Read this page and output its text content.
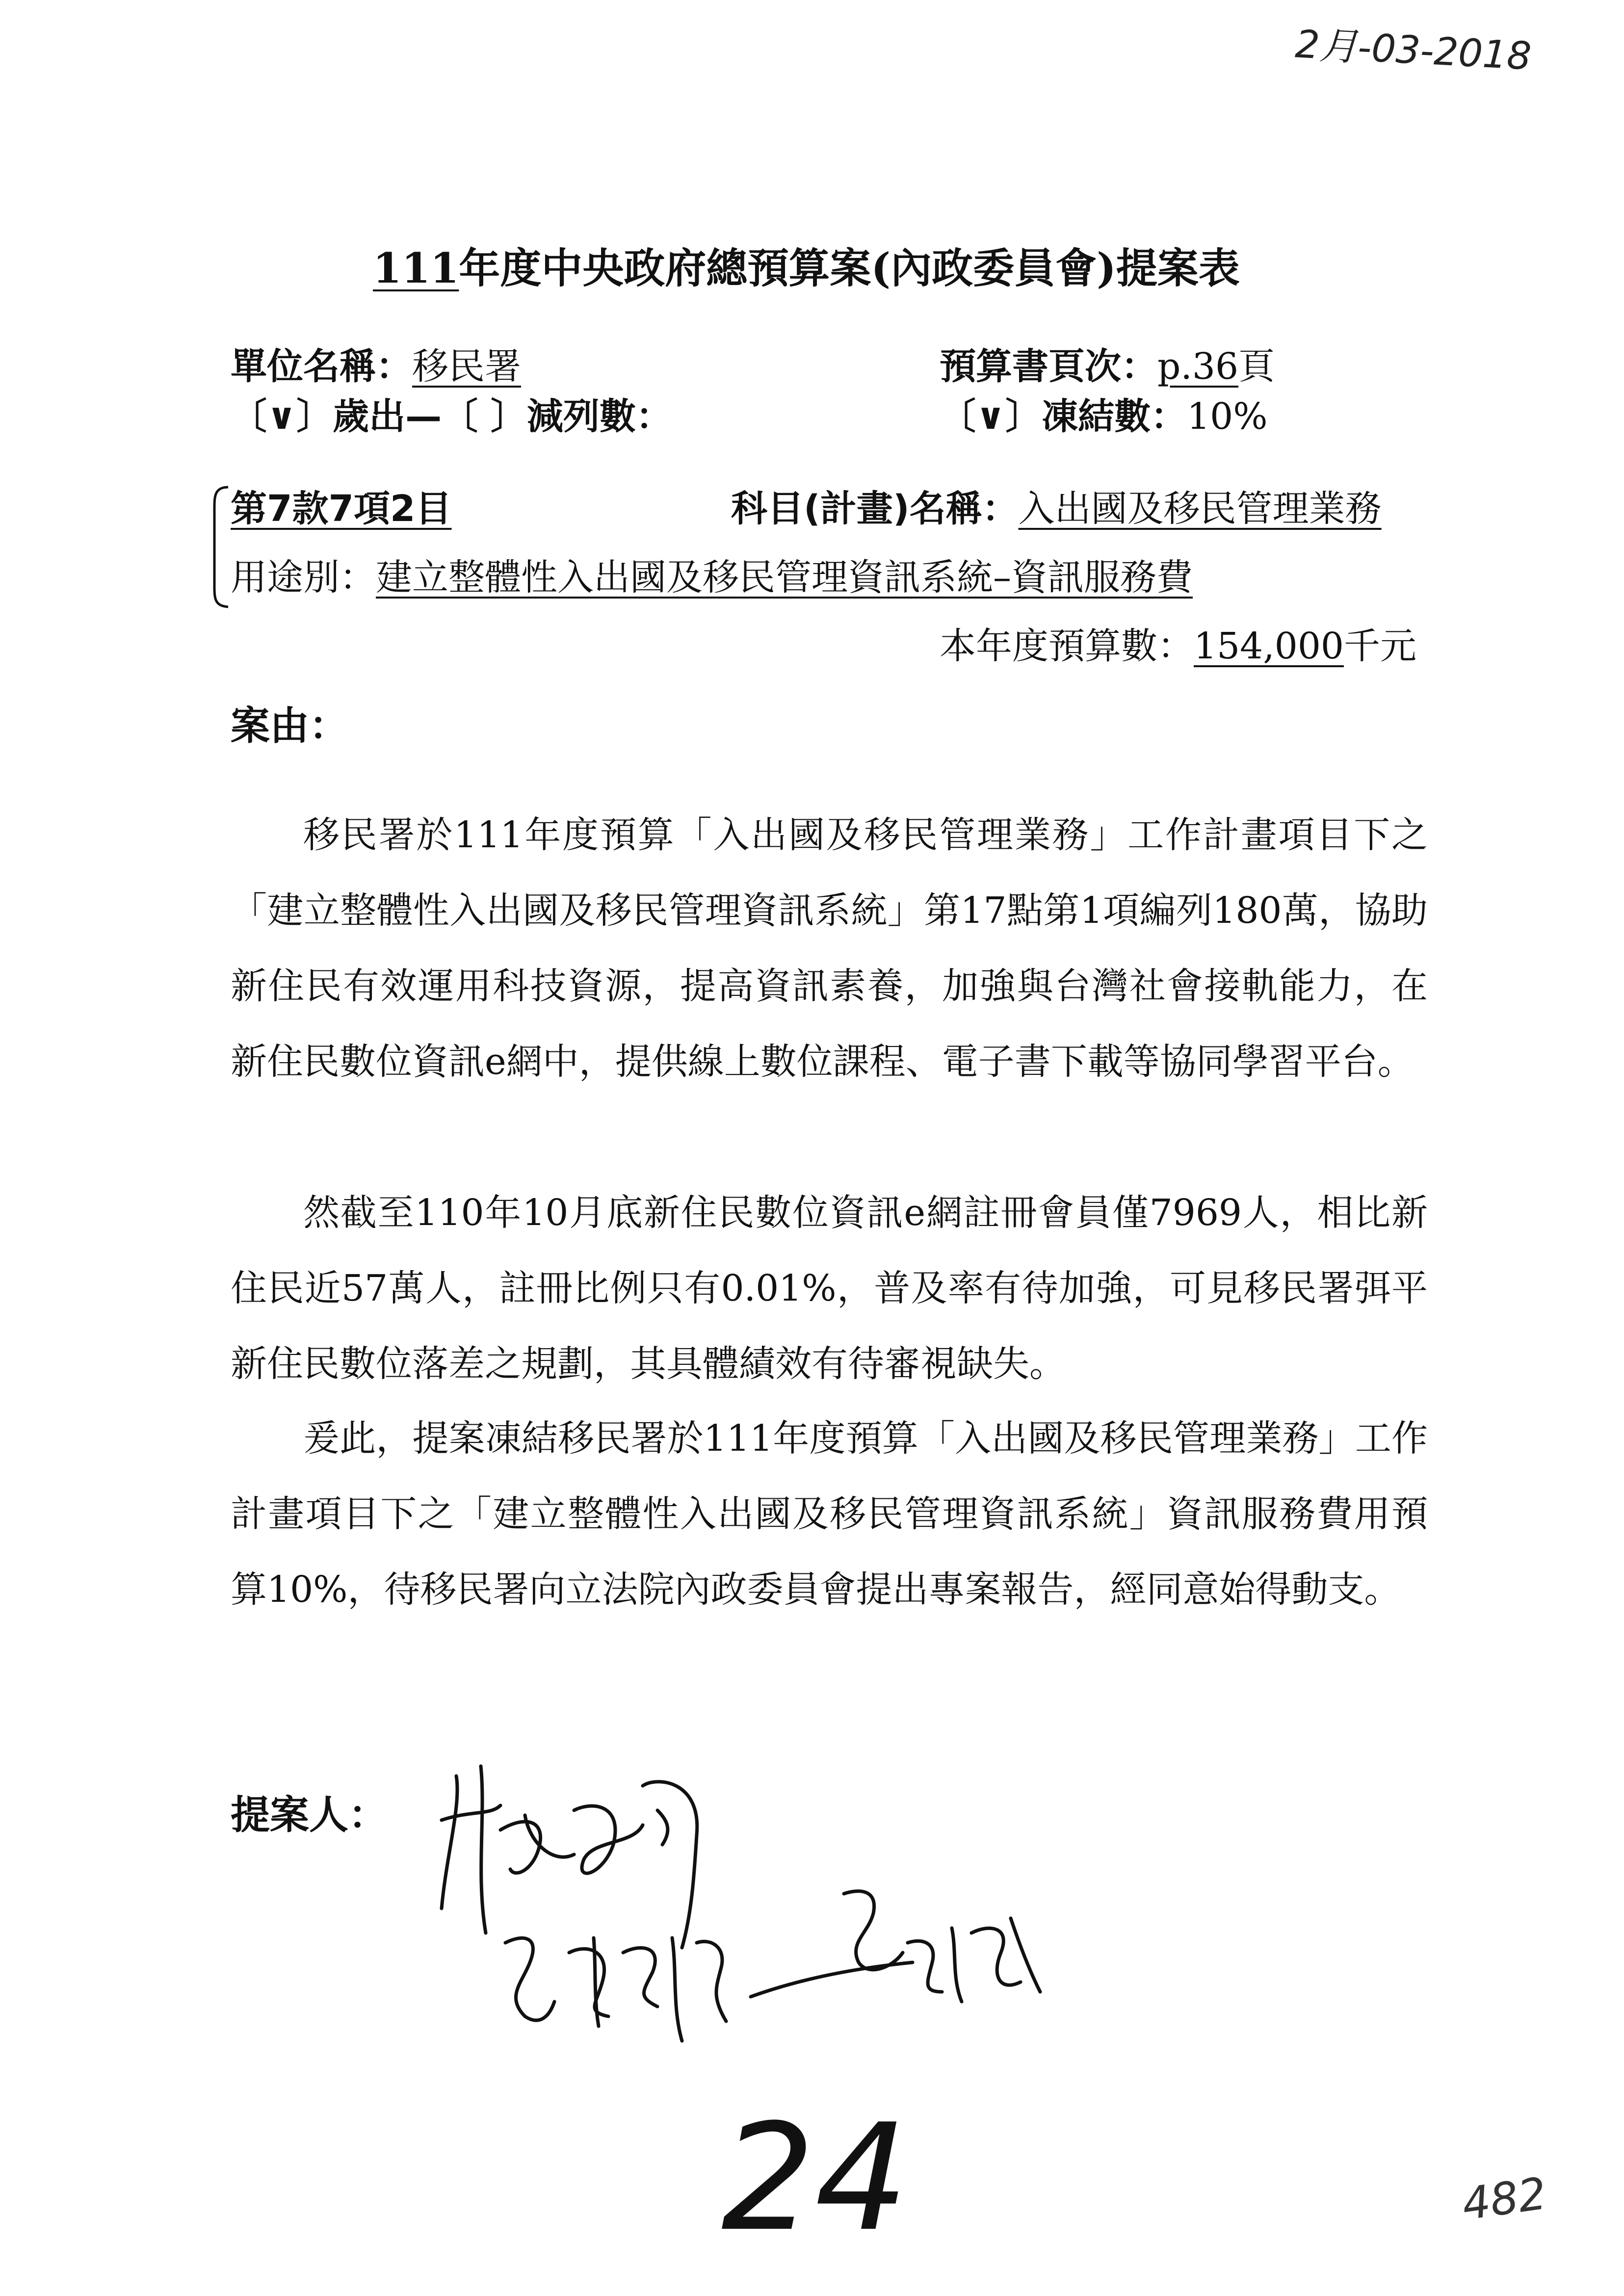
2月-03-2018
111年度中央政府總預算案(內政委員會)提案表
單位名稱：移民署	預算書頁次：p.36頁
〔∨〕歲出—〔 〕減列數：	〔∨〕凍結數：10%
第7款7項2目	科目(計畫)名稱：入出國及移民管理業務
用途別：建立整體性入出國及移民管理資訊系統–資訊服務費
本年度預算數：154,000千元
案由：

移民署於111年度預算「入出國及移民管理業務」工作計畫項目下之「建立整體性入出國及移民管理資訊系統」第17點第1項編列180萬，協助新住民有效運用科技資源，提高資訊素養，加強與台灣社會接軌能力，在新住民數位資訊e網中，提供線上數位課程、電子書下載等協同學習平台。

然截至110年10月底新住民數位資訊e網註冊會員僅7969人，相比新住民近57萬人，註冊比例只有0.01%，普及率有待加強，可見移民署弭平新住民數位落差之規劃，其具體績效有待審視缺失。

爰此，提案凍結移民署於111年度預算「入出國及移民管理業務」工作計畫項目下之「建立整體性入出國及移民管理資訊系統」資訊服務費用預算10%，待移民署向立法院內政委員會提出專案報告，經同意始得動支。

提案人：
24	482
